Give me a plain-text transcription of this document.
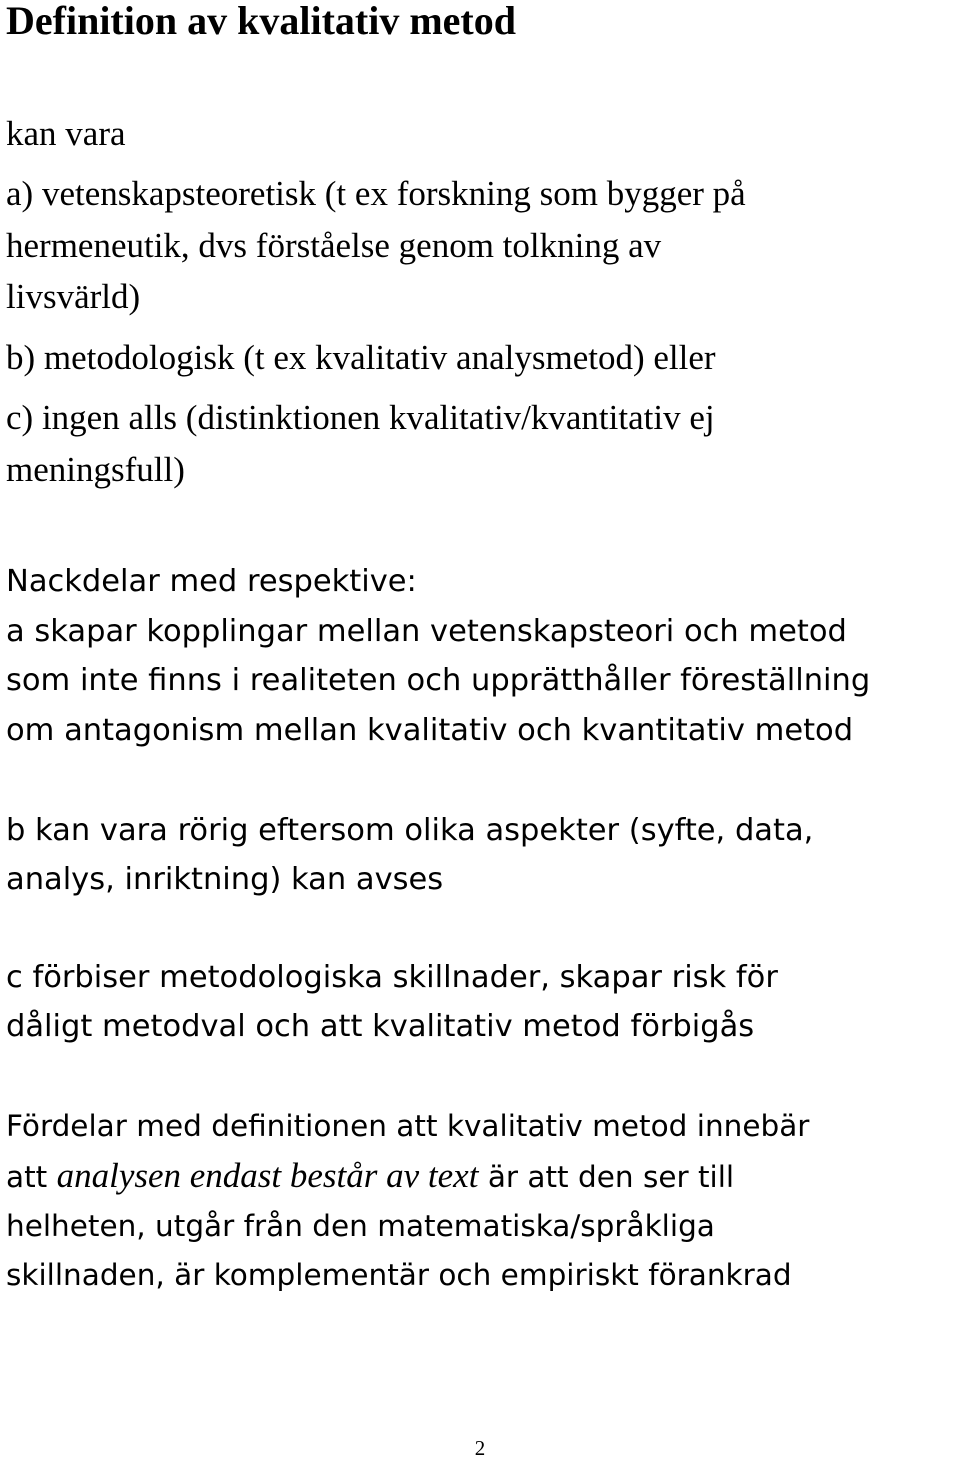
Definition av kvalitativ metod

kan vara

a) vetenskapsteoretisk (t ex forskning som bygger på

hermeneutik, dvs förståelse genom tolkning av

livsvärld)

b) metodologisk (t ex kvalitativ analysmetod) eller

c) ingen alls (distinktionen kvalitativ/kvantitativ ej

meningsfull)

Nackdelar med respektive:

a skapar kopplingar mellan vetenskapsteori och metod

som inte finns i realiteten och upprätthåller föreställning

om antagonism mellan kvalitativ och kvantitativ metod

b kan vara rörig eftersom olika aspekter (syfte, data,

analys, inriktning) kan avses

c förbiser metodologiska skillnader, skapar risk för

dåligt metodval och att kvalitativ metod förbigås

Fördelar med definitionen att kvalitativ metod innebär

att analysen endast består av text är att den ser till

helheten, utgår från den matematiska/språkliga

skillnaden, är komplementär och empiriskt förankrad

2
